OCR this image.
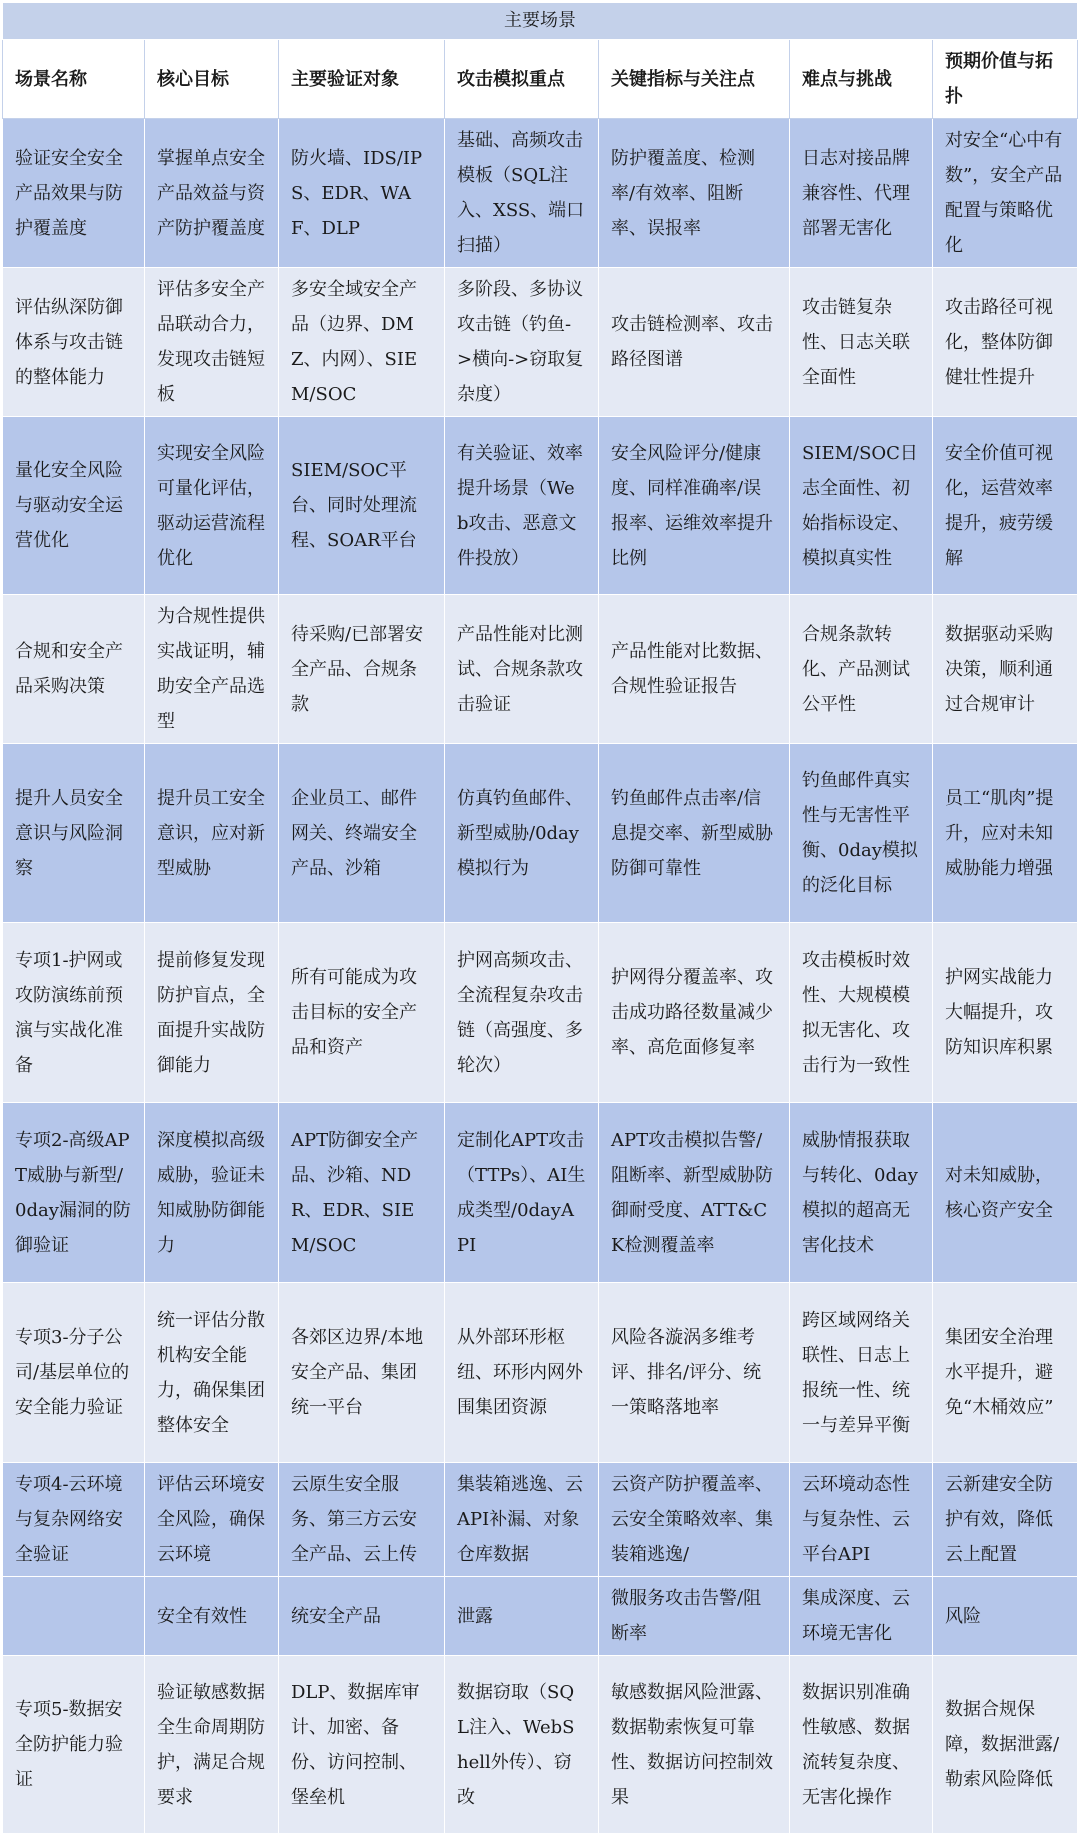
主要场景						
场景名称	核心目标	主要验证对象	攻击模拟重点	关键指标与关注点	难点与挑战	预期价值与拓扑
验证安全安全产品效果与防护覆盖度	掌握单点安全产品效益与资产防护覆盖度	防火墙、IDS/IPS、EDR、WAF、DLP	基础、高频攻击模板（SQL注入、XSS、端口扫描）	防护覆盖度、检测率/有效率、阻断率、误报率	日志对接品牌兼容性、代理部署无害化	对安全“心中有数”，安全产品配置与策略优化
评估纵深防御体系与攻击链的整体能力	评估多安全产品联动合力，发现攻击链短板	多安全域安全产品（边界、DMZ、内网）、SIEM/SOC	多阶段、多协议攻击链（钓鱼->横向->窃取复杂度）	攻击链检测率、攻击路径图谱	攻击链复杂性、日志关联全面性	攻击路径可视化，整体防御健壮性提升
量化安全风险与驱动安全运营优化	实现安全风险可量化评估，驱动运营流程优化	SIEM/SOC平台、同时处理流程、SOAR平台	有关验证、效率提升场景（Web攻击、恶意文件投放）	安全风险评分/健康度、同样准确率/误报率、运维效率提升比例	SIEM/SOC日志全面性、初始指标设定、模拟真实性	安全价值可视化，运营效率提升，疲劳缓解
合规和安全产品采购决策	为合规性提供实战证明，辅助安全产品选型	待采购/已部署安全产品、合规条款	产品性能对比测试、合规条款攻击验证	产品性能对比数据、合规性验证报告	合规条款转化、产品测试公平性	数据驱动采购决策，顺利通过合规审计
提升人员安全意识与风险洞察	提升员工安全意识，应对新型威胁	企业员工、邮件网关、终端安全产品、沙箱	仿真钓鱼邮件、新型威胁/0day模拟行为	钓鱼邮件点击率/信息提交率、新型威胁防御可靠性	钓鱼邮件真实性与无害性平衡、0day模拟的泛化目标	员工“肌肉”提升，应对未知威胁能力增强
专项1-护网或攻防演练前预演与实战化准备	提前修复发现防护盲点，全面提升实战防御能力	所有可能成为攻击目标的安全产品和资产	护网高频攻击、全流程复杂攻击链（高强度、多轮次）	护网得分覆盖率、攻击成功路径数量减少率、高危面修复率	攻击模板时效性、大规模模拟无害化、攻击行为一致性	护网实战能力大幅提升，攻防知识库积累
专项2-高级APT威胁与新型/0day漏洞的防御验证	深度模拟高级威胁，验证未知威胁防御能力	APT防御安全产品、沙箱、NDR、EDR、SIEM/SOC	定制化APT攻击（TTPs）、AI生成类型/0dayAPI	APT攻击模拟告警/阻断率、新型威胁防御耐受度、ATT&CK检测覆盖率	威胁情报获取与转化、0day模拟的超高无害化技术	对未知威胁，核心资产安全
专项3-分子公司/基层单位的安全能力验证	统一评估分散机构安全能力，确保集团整体安全	各郊区边界/本地安全产品、集团统一平台	从外部环形枢纽、环形内网外围集团资源	风险各漩涡多维考评、排名/评分、统一策略落地率	跨区域网络关联性、日志上报统一性、统一与差异平衡	集团安全治理水平提升，避免“木桶效应”
专项4-云环境与复杂网络安全验证	评估云环境安全风险，确保云环境	云原生安全服务、第三方云安全产品、云上传	集装箱逃逸、云API补漏、对象仓库数据	云资产防护覆盖率、云安全策略效率、集装箱逃逸/	云环境动态性与复杂性、云平台API	云新建安全防护有效，降低云上配置
	安全有效性	统安全产品	泄露	微服务攻击告警/阻断率	集成深度、云环境无害化	风险
专项5-数据安全防护能力验证	验证敏感数据全生命周期防护，满足合规要求	DLP、数据库审计、加密、备份、访问控制、堡垒机	数据窃取（SQL注入、WebShell外传）、窃改	敏感数据风险泄露、数据勒索恢复可靠性、数据访问控制效果	数据识别准确性敏感、数据流转复杂度、无害化操作	数据合规保障，数据泄露/勒索风险降低
